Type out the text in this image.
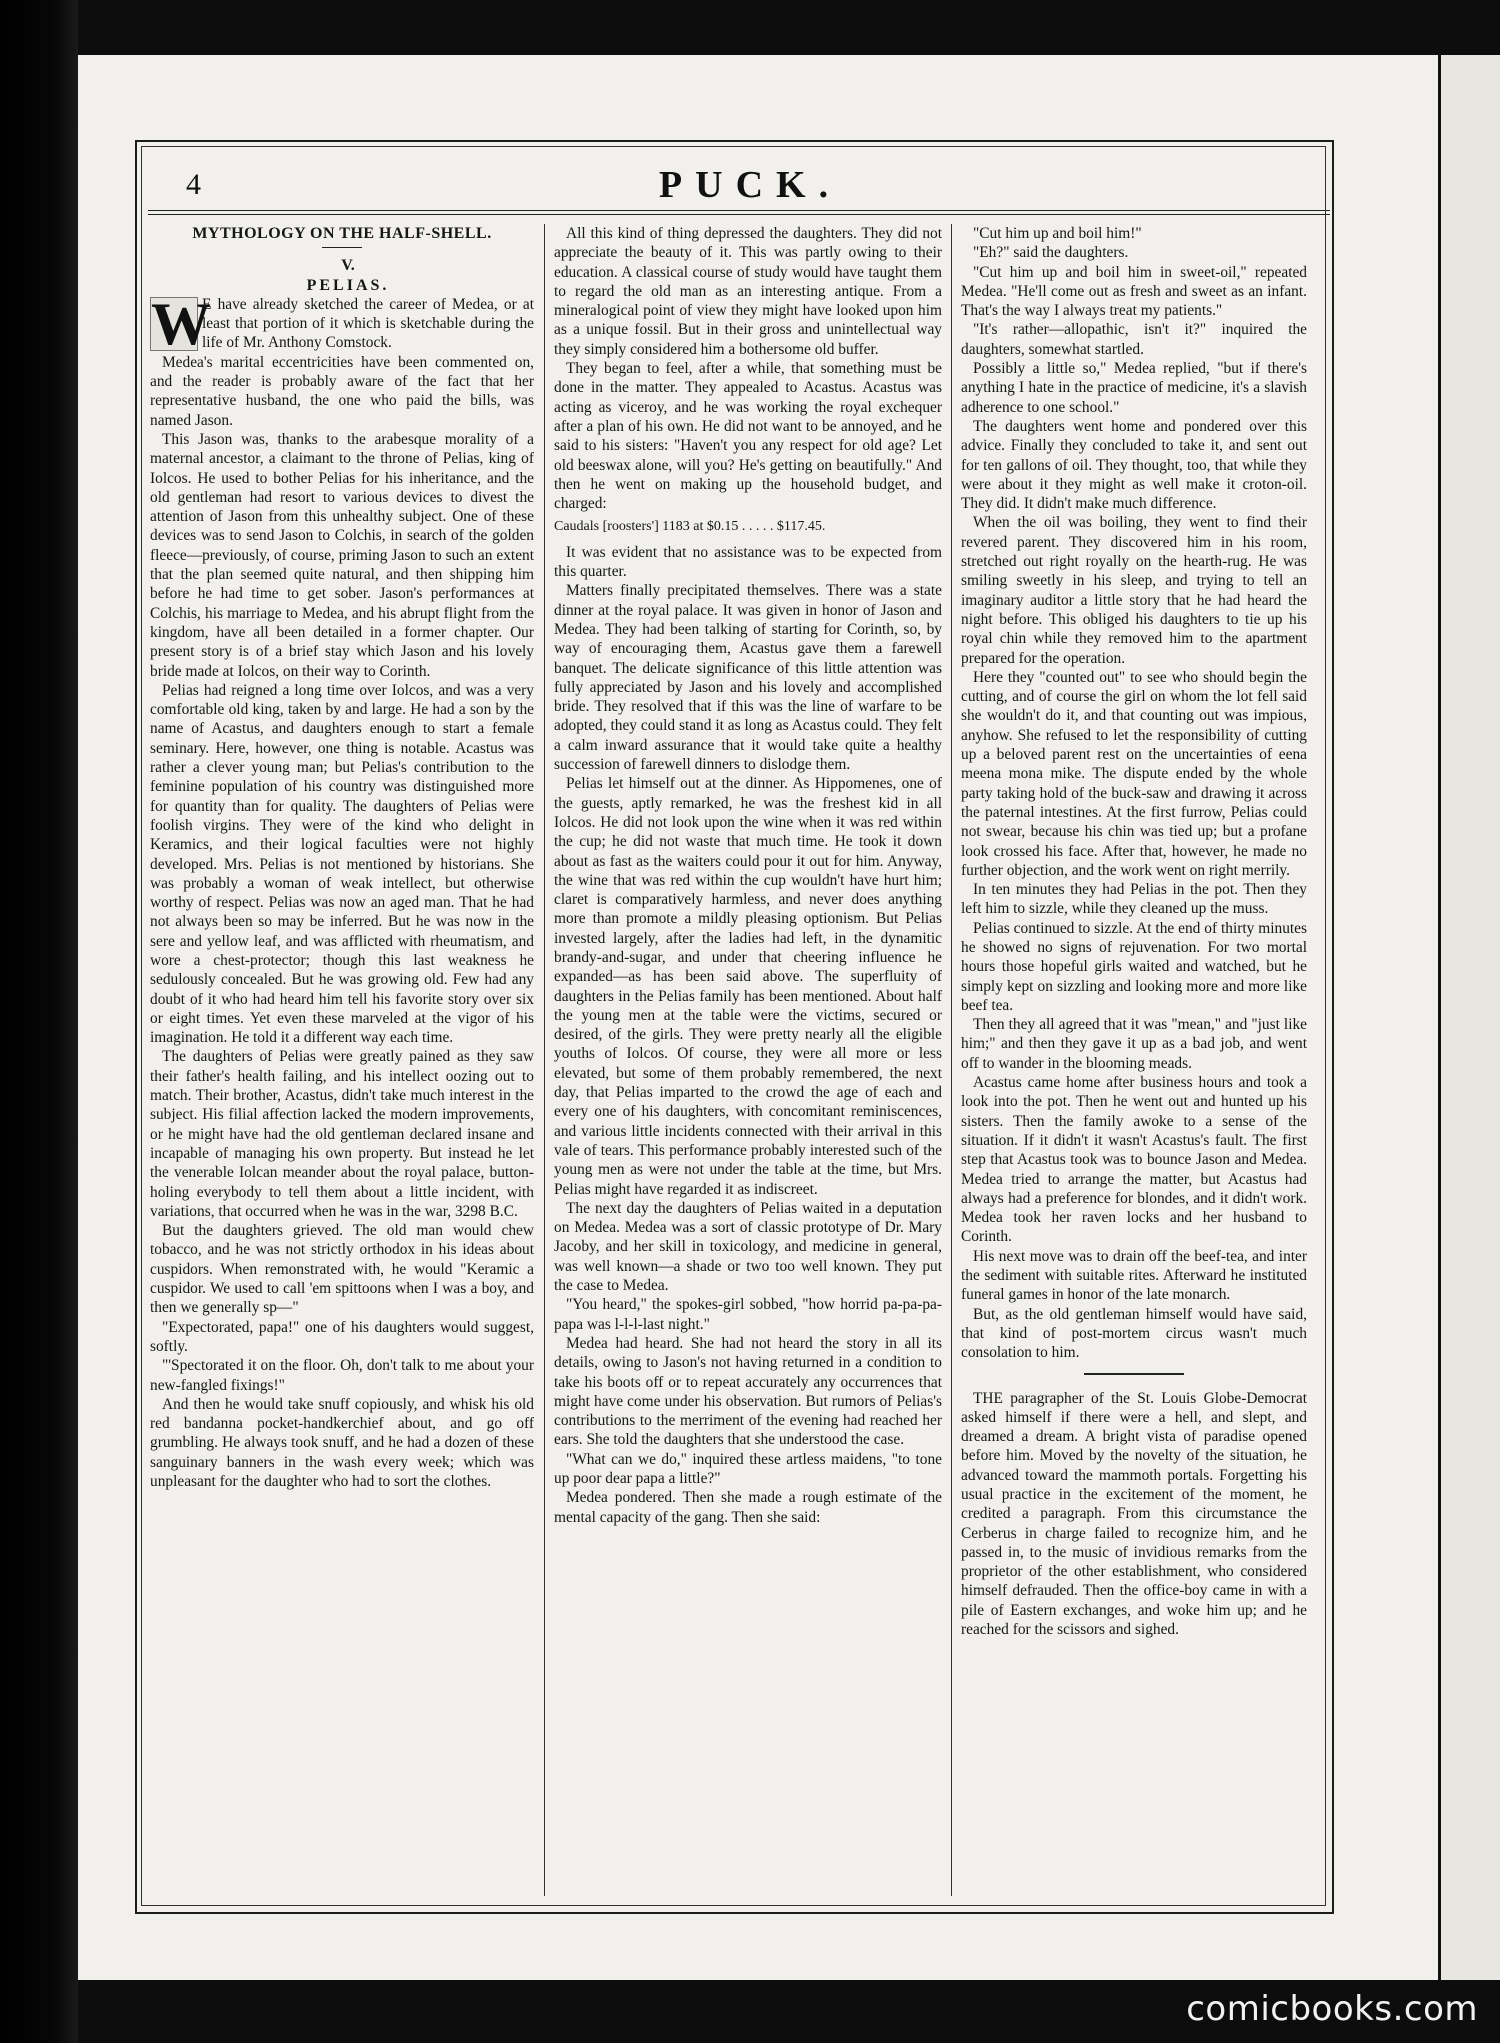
4	PUCK.

MYTHOLOGY ON THE HALF-SHELL.

V.

PELIAS.

W

E have already sketched the career of Medea, or at least that portion of it which is sketchable during the life of Mr. Anthony Comstock.

Medea's marital eccentricities have been commented on, and the reader is probably aware of the fact that her representative husband, the one who paid the bills, was named Jason.

This Jason was, thanks to the arabesque morality of a maternal ancestor, a claimant to the throne of Pelias, king of Iolcos. He used to bother Pelias for his inheritance, and the old gentleman had resort to various devices to divest the attention of Jason from this unhealthy subject. One of these devices was to send Jason to Colchis, in search of the golden fleece—previously, of course, priming Jason to such an extent that the plan seemed quite natural, and then shipping him before he had time to get sober. Jason's performances at Colchis, his marriage to Medea, and his abrupt flight from the kingdom, have all been detailed in a former chapter. Our present story is of a brief stay which Jason and his lovely bride made at Iolcos, on their way to Corinth.

Pelias had reigned a long time over Iolcos, and was a very comfortable old king, taken by and large. He had a son by the name of Acastus, and daughters enough to start a female seminary. Here, however, one thing is notable. Acastus was rather a clever young man; but Pelias's contribution to the feminine population of his country was distinguished more for quantity than for quality. The daughters of Pelias were foolish virgins. They were of the kind who delight in Keramics, and their logical faculties were not highly developed. Mrs. Pelias is not mentioned by historians. She was probably a woman of weak intellect, but otherwise worthy of respect. Pelias was now an aged man. That he had not always been so may be inferred. But he was now in the sere and yellow leaf, and was afflicted with rheumatism, and wore a chest-protector; though this last weakness he sedulously concealed. But he was growing old. Few had any doubt of it who had heard him tell his favorite story over six or eight times. Yet even these marveled at the vigor of his imagination. He told it a different way each time.

The daughters of Pelias were greatly pained as they saw their father's health failing, and his intellect oozing out to match. Their brother, Acastus, didn't take much interest in the subject. His filial affection lacked the modern improvements, or he might have had the old gentleman declared insane and incapable of managing his own property. But instead he let the venerable Iolcan meander about the royal palace, button-holing everybody to tell them about a little incident, with variations, that occurred when he was in the war, 3298 B.C.

But the daughters grieved. The old man would chew tobacco, and he was not strictly orthodox in his ideas about cuspidors. When remonstrated with, he would "Keramic a cuspidor. We used to call 'em spittoons when I was a boy, and then we generally sp—"

"Expectorated, papa!" one of his daughters would suggest, softly.

"'Spectorated it on the floor. Oh, don't talk to me about your new-fangled fixings!"

And then he would take snuff copiously, and whisk his old red bandanna pocket-handkerchief about, and go off grumbling. He always took snuff, and he had a dozen of these sanguinary banners in the wash every week; which was unpleasant for the daughter who had to sort the clothes.

All this kind of thing depressed the daughters. They did not appreciate the beauty of it. This was partly owing to their education. A classical course of study would have taught them to regard the old man as an interesting antique. From a mineralogical point of view they might have looked upon him as a unique fossil. But in their gross and unintellectual way they simply considered him a bothersome old buffer.

They began to feel, after a while, that something must be done in the matter. They appealed to Acastus. Acastus was acting as viceroy, and he was working the royal exchequer after a plan of his own. He did not want to be annoyed, and he said to his sisters: "Haven't you any respect for old age? Let old beeswax alone, will you? He's getting on beautifully." And then he went on making up the household budget, and charged:

Caudals [roosters'] 1183 at $0.15 . . . . . $117.45.

It was evident that no assistance was to be expected from this quarter.

Matters finally precipitated themselves. There was a state dinner at the royal palace. It was given in honor of Jason and Medea. They had been talking of starting for Corinth, so, by way of encouraging them, Acastus gave them a farewell banquet. The delicate significance of this little attention was fully appreciated by Jason and his lovely and accomplished bride. They resolved that if this was the line of warfare to be adopted, they could stand it as long as Acastus could. They felt a calm inward assurance that it would take quite a healthy succession of farewell dinners to dislodge them.

Pelias let himself out at the dinner. As Hippomenes, one of the guests, aptly remarked, he was the freshest kid in all Iolcos. He did not look upon the wine when it was red within the cup; he did not waste that much time. He took it down about as fast as the waiters could pour it out for him. Anyway, the wine that was red within the cup wouldn't have hurt him; claret is comparatively harmless, and never does anything more than promote a mildly pleasing optionism. But Pelias invested largely, after the ladies had left, in the dynamitic brandy-and-sugar, and under that cheering influence he expanded—as has been said above. The superfluity of daughters in the Pelias family has been mentioned. About half the young men at the table were the victims, secured or desired, of the girls. They were pretty nearly all the eligible youths of Iolcos. Of course, they were all more or less elevated, but some of them probably remembered, the next day, that Pelias imparted to the crowd the age of each and every one of his daughters, with concomitant reminiscences, and various little incidents connected with their arrival in this vale of tears. This performance probably interested such of the young men as were not under the table at the time, but Mrs. Pelias might have regarded it as indiscreet.

The next day the daughters of Pelias waited in a deputation on Medea. Medea was a sort of classic prototype of Dr. Mary Jacoby, and her skill in toxicology, and medicine in general, was well known—a shade or two too well known. They put the case to Medea.

"You heard," the spokes-girl sobbed, "how horrid pa-pa-pa-papa was l-l-l-last night."

Medea had heard. She had not heard the story in all its details, owing to Jason's not having returned in a condition to take his boots off or to repeat accurately any occurrences that might have come under his observation. But rumors of Pelias's contributions to the merriment of the evening had reached her ears. She told the daughters that she understood the case.

"What can we do," inquired these artless maidens, "to tone up poor dear papa a little?"

Medea pondered. Then she made a rough estimate of the mental capacity of the gang. Then she said:

"Cut him up and boil him!"

"Eh?" said the daughters.

"Cut him up and boil him in sweet-oil," repeated Medea. "He'll come out as fresh and sweet as an infant. That's the way I always treat my patients."

"It's rather—allopathic, isn't it?" inquired the daughters, somewhat startled.

Possibly a little so," Medea replied, "but if there's anything I hate in the practice of medicine, it's a slavish adherence to one school."

The daughters went home and pondered over this advice. Finally they concluded to take it, and sent out for ten gallons of oil. They thought, too, that while they were about it they might as well make it croton-oil. They did. It didn't make much difference.

When the oil was boiling, they went to find their revered parent. They discovered him in his room, stretched out right royally on the hearth-rug. He was smiling sweetly in his sleep, and trying to tell an imaginary auditor a little story that he had heard the night before. This obliged his daughters to tie up his royal chin while they removed him to the apartment prepared for the operation.

Here they "counted out" to see who should begin the cutting, and of course the girl on whom the lot fell said she wouldn't do it, and that counting out was impious, anyhow. She refused to let the responsibility of cutting up a beloved parent rest on the uncertainties of eena meena mona mike. The dispute ended by the whole party taking hold of the buck-saw and drawing it across the paternal intestines. At the first furrow, Pelias could not swear, because his chin was tied up; but a profane look crossed his face. After that, however, he made no further objection, and the work went on right merrily.

In ten minutes they had Pelias in the pot. Then they left him to sizzle, while they cleaned up the muss.

Pelias continued to sizzle. At the end of thirty minutes he showed no signs of rejuvenation. For two mortal hours those hopeful girls waited and watched, but he simply kept on sizzling and looking more and more like beef tea.

Then they all agreed that it was "mean," and "just like him;" and then they gave it up as a bad job, and went off to wander in the blooming meads.

Acastus came home after business hours and took a look into the pot. Then he went out and hunted up his sisters. Then the family awoke to a sense of the situation. If it didn't it wasn't Acastus's fault. The first step that Acastus took was to bounce Jason and Medea. Medea tried to arrange the matter, but Acastus had always had a preference for blondes, and it didn't work. Medea took her raven locks and her husband to Corinth.

His next move was to drain off the beef-tea, and inter the sediment with suitable rites. Afterward he instituted funeral games in honor of the late monarch.

But, as the old gentleman himself would have said, that kind of post-mortem circus wasn't much consolation to him.

THE paragrapher of the St. Louis Globe-Democrat asked himself if there were a hell, and slept, and dreamed a dream. A bright vista of paradise opened before him. Moved by the novelty of the situation, he advanced toward the mammoth portals. Forgetting his usual practice in the excitement of the moment, he credited a paragraph. From this circumstance the Cerberus in charge failed to recognize him, and he passed in, to the music of invidious remarks from the proprietor of the other establishment, who considered himself defrauded. Then the office-boy came in with a pile of Eastern exchanges, and woke him up; and he reached for the scissors and sighed.

comicbooks.com
